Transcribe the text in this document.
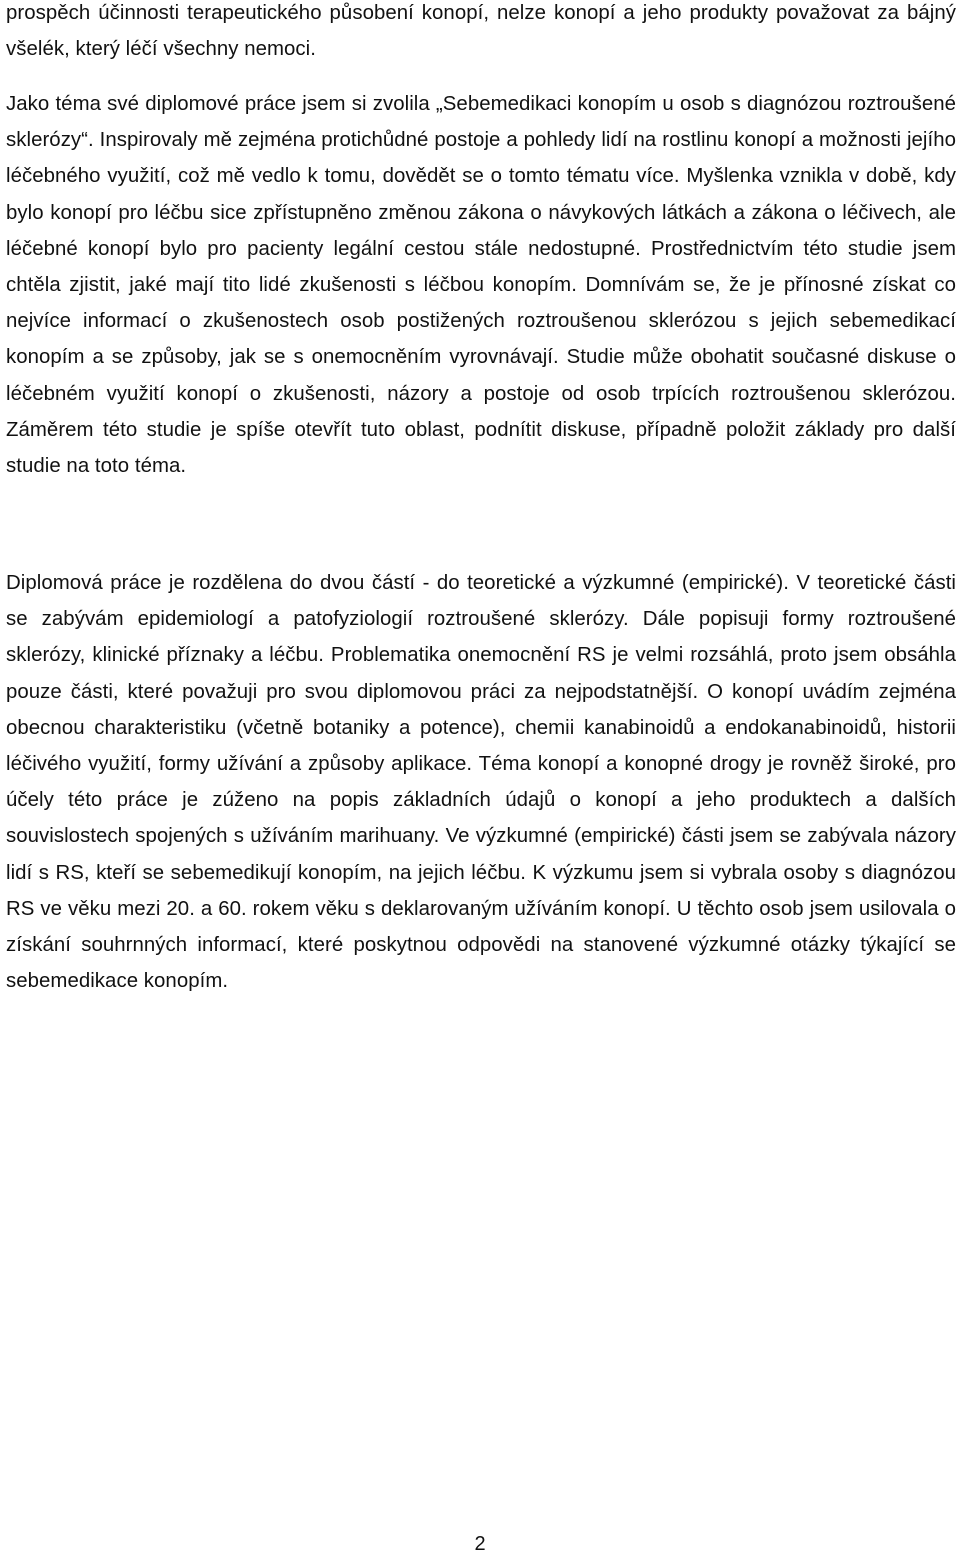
prospěch účinnosti terapeutického působení konopí, nelze konopí a jeho produkty považovat za bájný všelék, který léčí všechny nemoci.

Jako téma své diplomové práce jsem si zvolila „Sebemedikaci konopím u osob s diagnózou roztroušené sklerózy“. Inspirovaly mě zejména protichůdné postoje a pohledy lidí na rostlinu konopí a možnosti jejího léčebného využití, což mě vedlo k tomu, dovědět se o tomto tématu více. Myšlenka vznikla v době, kdy bylo konopí pro léčbu sice zpřístupněno změnou zákona o návykových látkách a zákona o léčivech, ale léčebné konopí bylo pro pacienty legální cestou stále nedostupné. Prostřednictvím této studie jsem chtěla zjistit, jaké mají tito lidé zkušenosti s léčbou konopím. Domnívám se, že je přínosné získat co nejvíce informací o zkušenostech osob postižených roztroušenou sklerózou s jejich sebemedikací konopím a se způsoby, jak se s onemocněním vyrovnávají. Studie může obohatit současné diskuse o léčebném využití konopí o zkušenosti, názory a postoje od osob trpících roztroušenou sklerózou. Záměrem této studie je spíše otevřít tuto oblast, podnítit diskuse, případně položit základy pro další studie na toto téma.

Diplomová práce je rozdělena do dvou částí - do teoretické a výzkumné (empirické). V teoretické části se zabývám epidemiologí a patofyziologií roztroušené sklerózy. Dále popisuji formy roztroušené sklerózy, klinické příznaky a léčbu. Problematika onemocnění RS je velmi rozsáhlá, proto jsem obsáhla pouze části, které považuji pro svou diplomovou práci za nejpodstatnější. O konopí uvádím zejména obecnou charakteristiku (včetně botaniky a potence), chemii kanabinoidů a endokanabinoidů, historii léčivého využití, formy užívání a způsoby aplikace. Téma konopí a konopné drogy je rovněž široké, pro účely této práce je zúženo na popis základních údajů o konopí a jeho produktech a dalších souvislostech spojených s užíváním marihuany. Ve výzkumné (empirické) části jsem se zabývala názory lidí s RS, kteří se sebemedikují konopím, na jejich léčbu. K výzkumu jsem si vybrala osoby s diagnózou RS ve věku mezi 20. a 60. rokem věku s deklarovaným užíváním konopí. U těchto osob jsem usilovala o získání souhrnných informací, které poskytnou odpovědi na stanovené výzkumné otázky týkající se sebemedikace konopím.

2
